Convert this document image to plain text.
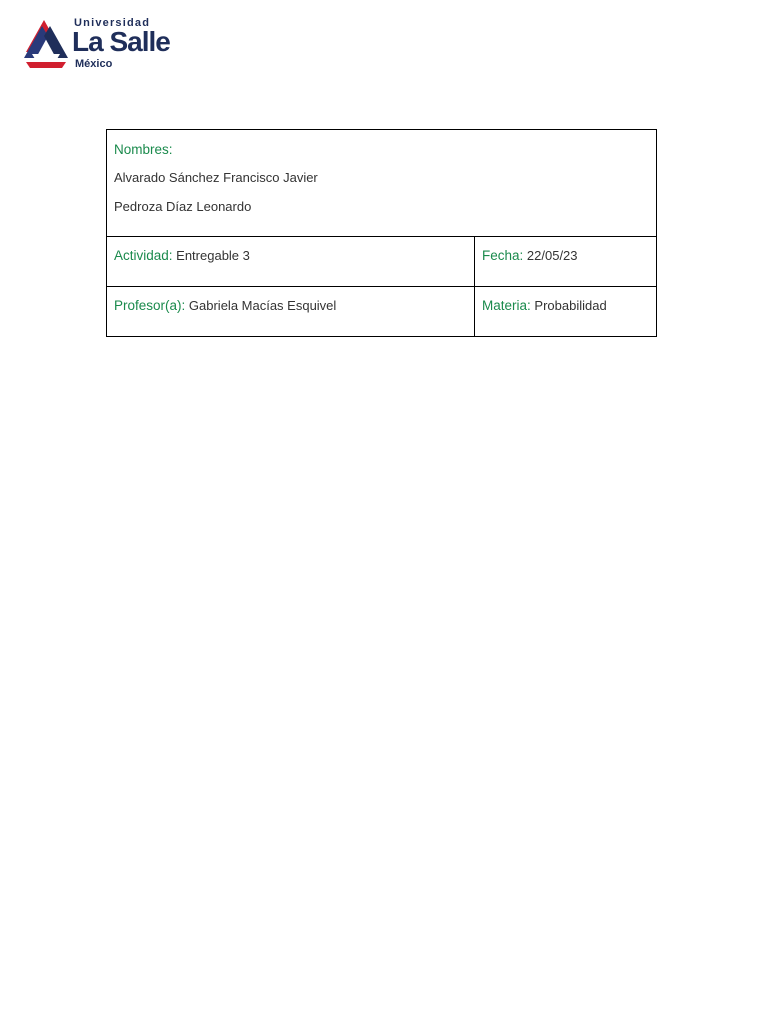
Universidad
La Salle
México
Nombres:
Alvarado Sánchez Francisco Javier
Pedroza Díaz Leonardo	

Actividad: Entregable 3	Fecha: 22/05/23
Profesor(a): Gabriela Macías Esquivel	Materia: Probabilidad
